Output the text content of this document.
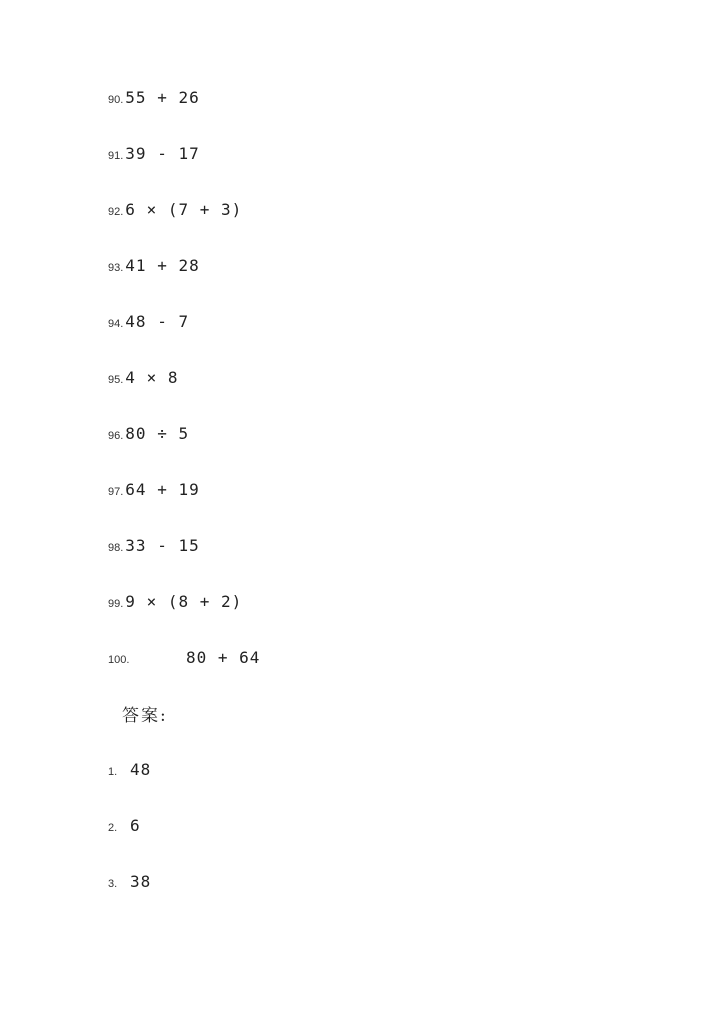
90. 55 + 26
91. 39 - 17
92. 6 × (7 + 3)
93. 41 + 28
94. 48 - 7
95. 4 × 8
96. 80 ÷ 5
97. 64 + 19
98. 33 - 15
99. 9 × (8 + 2)
100.	80 + 64
答案:
1. 48
2. 6
3. 38
